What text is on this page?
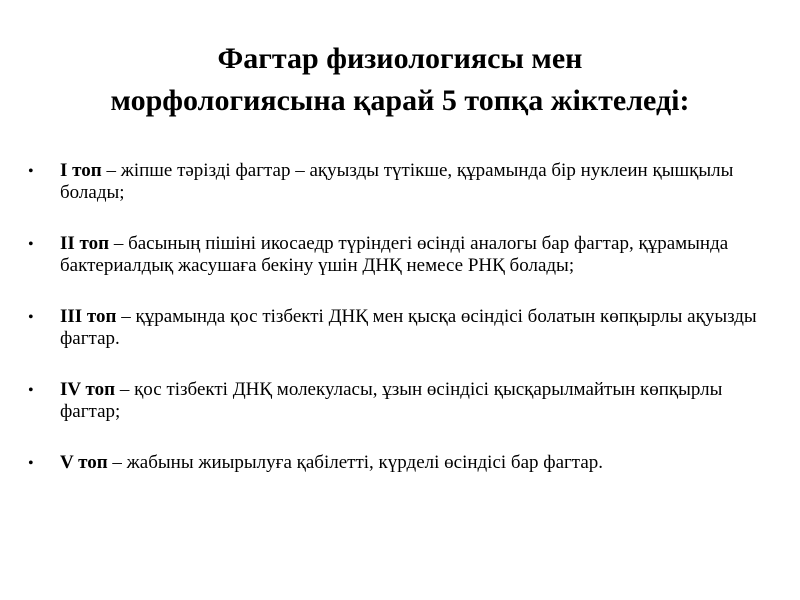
Фагтар физиологиясы мен
морфологиясына қарай 5 топқа жіктеледі:
• I топ – жіпше тәрізді фагтар – ақуызды түтікше, құрамында бір нуклеин қышқылы болады;
• II топ – басының пішіні икосаедр түріндегі өсінді аналогы бар фагтар, құрамында бактериалдық жасушаға бекіну үшін ДНҚ немесе РНҚ болады;
• III топ – құрамында қос тізбекті ДНҚ мен қысқа өсіндісі болатын көпқырлы ақуызды фагтар.
• IV топ – қос тізбекті ДНҚ молекуласы, ұзын өсіндісі қысқарылмайтын көпқырлы фагтар;
• V топ – жабыны жиырылуға қабілетті, күрделі өсіндісі бар фагтар.
